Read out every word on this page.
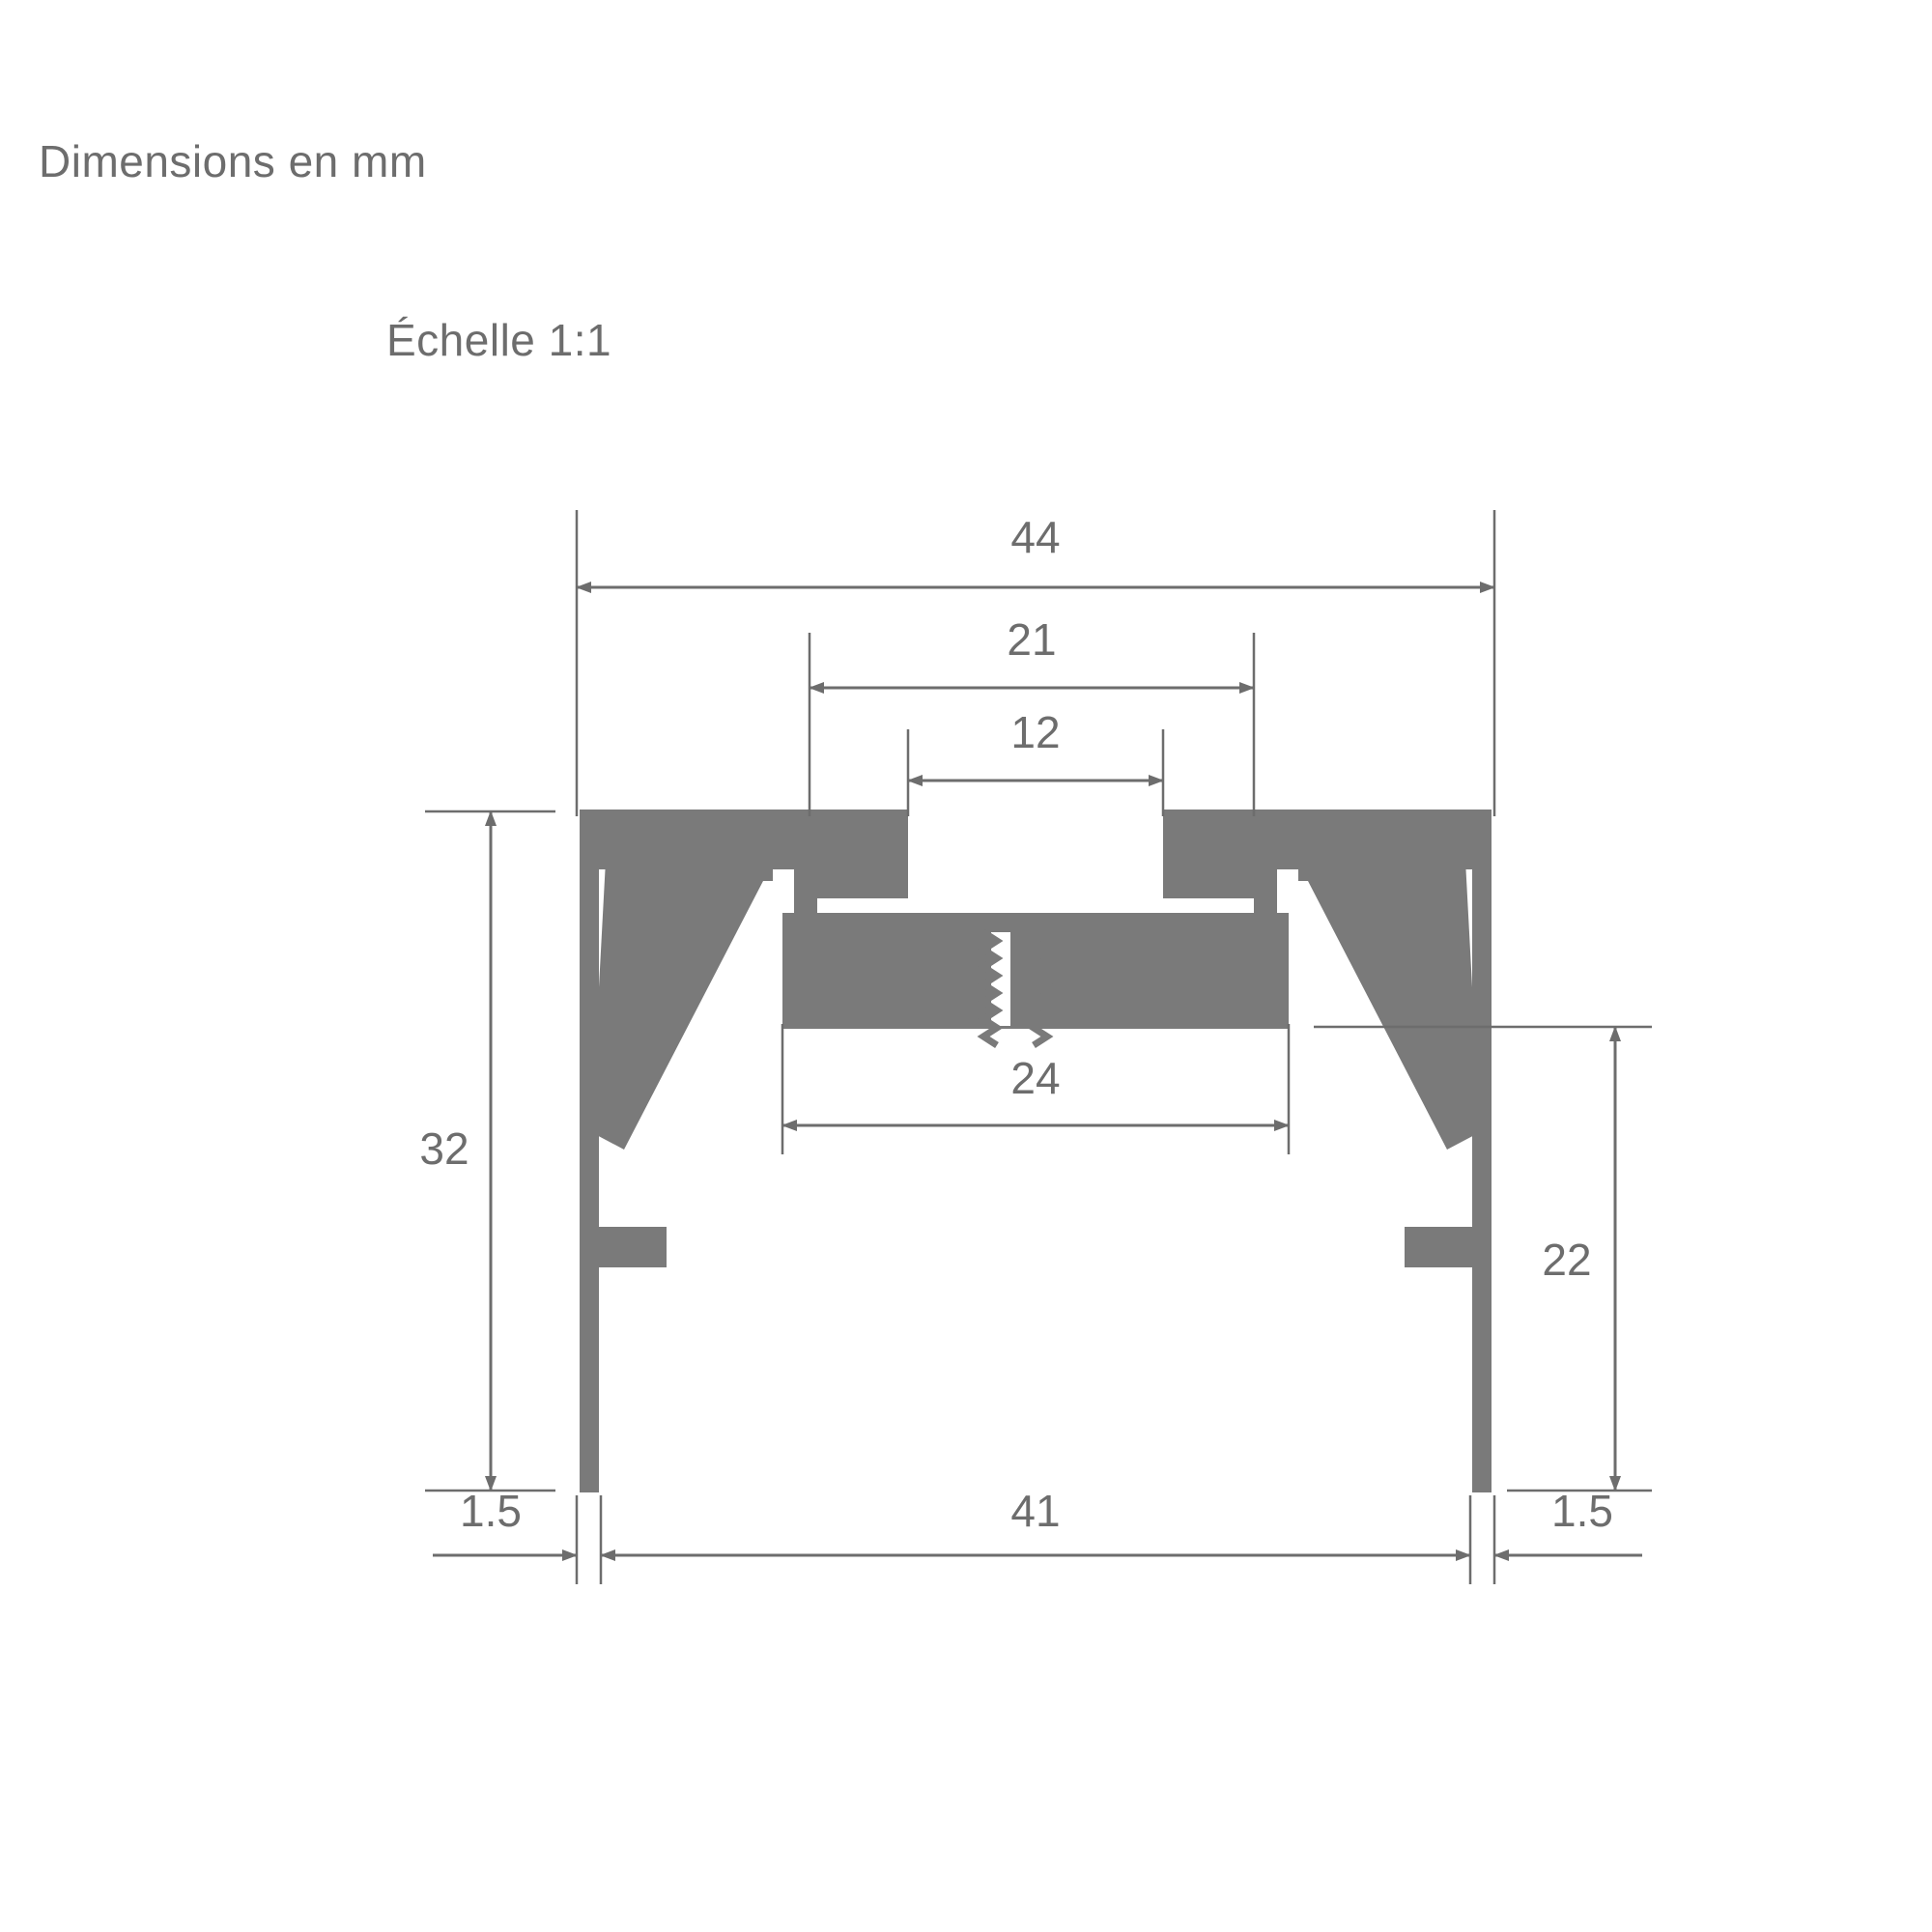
Dimensions en mm
Échelle 1:1
44
21
12
24
32
22
1.5	41	1.5
